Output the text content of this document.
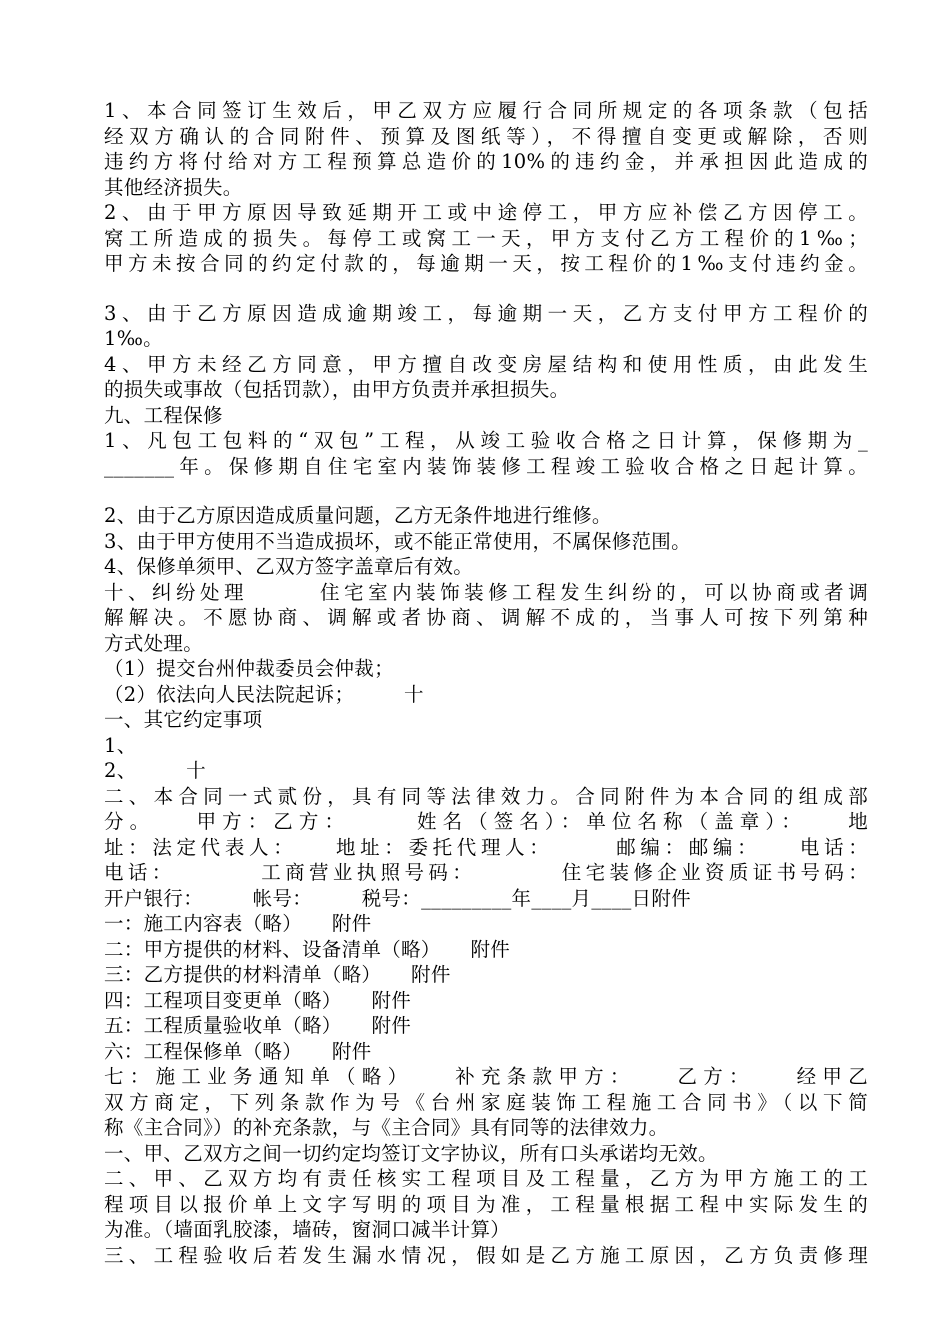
1、本合同签订生效后，甲乙双方应履行合同所规定的各项条款（包括
经双方确认的合同附件、预算及图纸等），不得擅自变更或解除，否则
违约方将付给对方工程预算总造价的10%的违约金，并承担因此造成的
其他经济损失。
2、由于甲方原因导致延期开工或中途停工，甲方应补偿乙方因停工。
窝工所造成的损失。每停工或窝工一天，甲方支付乙方工程价的1‰；
甲方未按合同的约定付款的，每逾期一天，按工程价的1‰支付违约金。
3、由于乙方原因造成逾期竣工，每逾期一天，乙方支付甲方工程价的
1‰。
4、甲方未经乙方同意，甲方擅自改变房屋结构和使用性质，由此发生
的损失或事故（包括罚款），由甲方负责并承担损失。
九、工程保修
1、凡包工包料的“双包”工程，从竣工验收合格之日计算，保修期为_
_______年。保修期自住宅室内装饰装修工程竣工验收合格之日起计算。
2、由于乙方原因造成质量问题，乙方无条件地进行维修。
3、由于甲方使用不当造成损坏，或不能正常使用，不属保修范围。
4、保修单须甲、乙双方签字盖章后有效。
十、纠纷处理　　　住宅室内装饰装修工程发生纠纷的，可以协商或者调
解解决。不愿协商、调解或者协商、调解不成的，当事人可按下列第种
方式处理。
（1）提交台州仲裁委员会仲裁；
（2）依法向人民法院起诉；　　　十
一、其它约定事项
1、
2、　　　十
二、本合同一式贰份，具有同等法律效力。合同附件为本合同的组成部
分。　　甲方：乙方：　　　姓名（签名）：单位名称（盖章）：　　地
址：法定代表人：　　地址：委托代理人：　　　邮编：邮编：　　电话：
电话：　　　　工商营业执照号码：　　　　住宅装修企业资质证书号码：
开户银行：　　　帐号：　　　税号：_________年____月____日附件
一：施工内容表（略）　　附件
二：甲方提供的材料、设备清单（略）　　附件
三：乙方提供的材料清单（略）　　附件
四：工程项目变更单（略）　　附件
五：工程质量验收单（略）　　附件
六：工程保修单（略）　　附件
七：施工业务通知单（略）　　补充条款甲方：　　乙方：　　经甲乙
双方商定，下列条款作为号《台州家庭装饰工程施工合同书》（以下简
称《主合同》）的补充条款，与《主合同》具有同等的法律效力。
一、甲、乙双方之间一切约定均签订文字协议，所有口头承诺均无效。
二、甲、乙双方均有责任核实工程项目及工程量，乙方为甲方施工的工
程项目以报价单上文字写明的项目为准，工程量根据工程中实际发生的
为准。（墙面乳胶漆，墙砖，窗洞口减半计算）
三、工程验收后若发生漏水情况，假如是乙方施工原因，乙方负责修理
